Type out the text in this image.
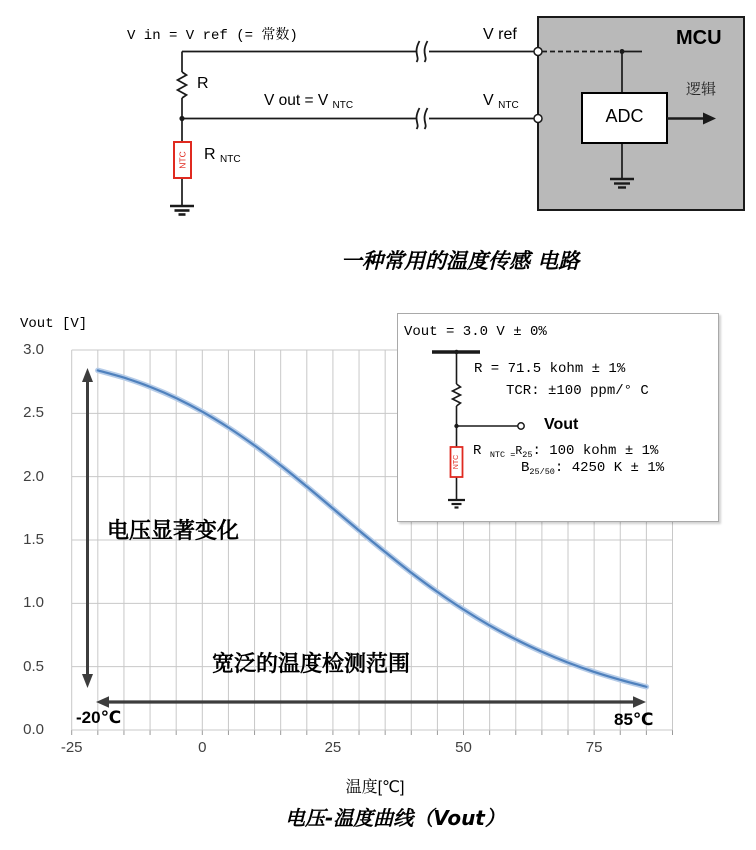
NTC
V in = V ref (= 常数)
R
V out = V $_{NTC}$
R $_{NTC}$
V ref
V $_{NTC}$
MCU
ADC
逻辑
一种常用的温度传感 电路
Vout [V]
电压显著变化
宽泛的温度检测范围
-20℃	85℃
温度[℃]
电压-温度曲线（Vout）
-25	0	25	50	75
0.0
0.5
1.0
1.5
2.0
2.5
3.0
NTC
Vout = 3.0 V ± 0%
R = 71.5 kohm ± 1%
TCR: ±100 ppm/° C
Vout
R $_{NTC =}R_{25}$: 100 kohm ± 1%
$B_{25/50}$: 4250 K ± 1%
